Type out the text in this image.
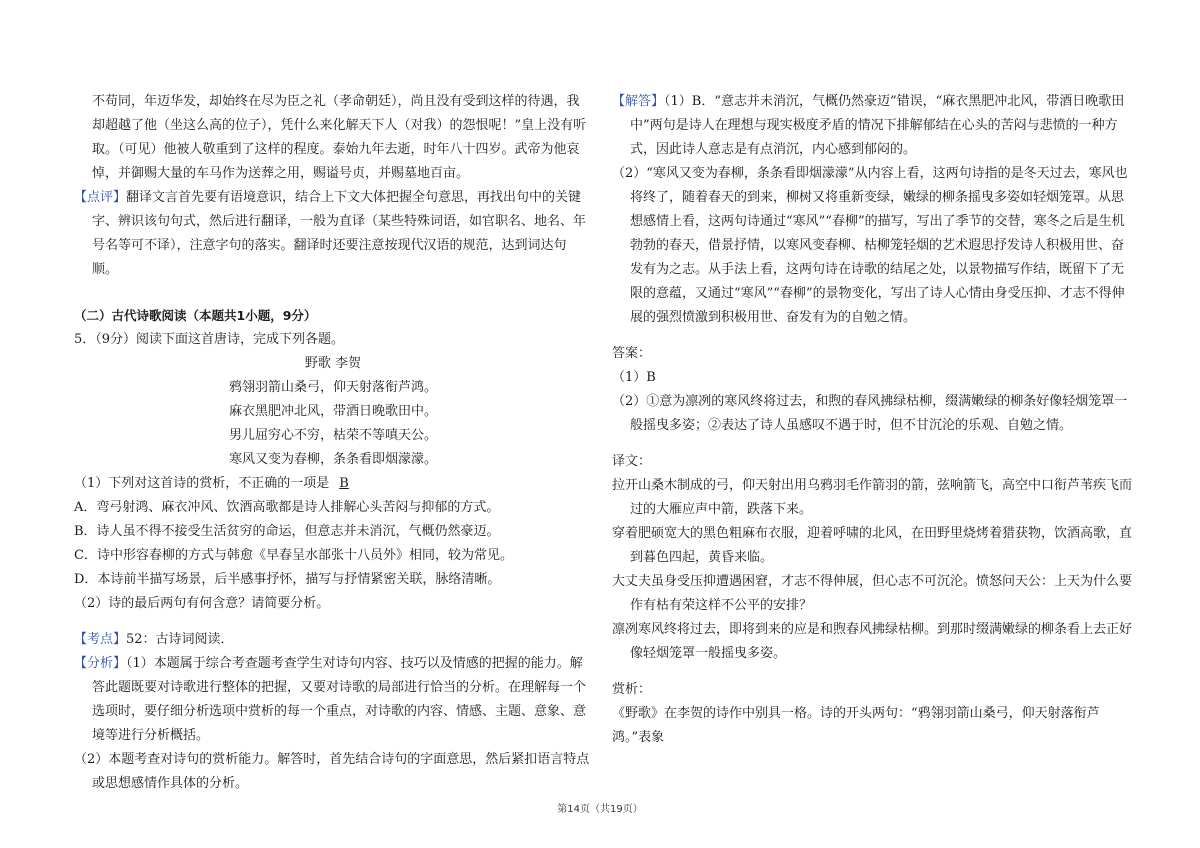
不苟同，年迈华发，却始终在尽为臣之礼（孝命朝廷），尚且没有受到这样的待遇，我却超越了他（坐这么高的位子），凭什么来化解天下人（对我）的怨恨呢！”皇上没有听取。（可见）他被人敬重到了这样的程度。泰始九年去逝，时年八十四岁。武帝为他哀悼，并御赐大量的车马作为送葬之用，赐谥号贞，并赐墓地百亩。

【点评】翻译文言首先要有语境意识，结合上下文大体把握全句意思，再找出句中的关键字、辨识该句句式，然后进行翻译，一般为直译（某些特殊词语，如官职名、地名、年号名等可不译），注意字句的落实。翻译时还要注意按现代汉语的规范，达到词达句顺。

（二）古代诗歌阅读（本题共1小题，9分）

5．（9分）阅读下面这首唐诗，完成下列各题。

野歌 李贺

鸦翎羽箭山桑弓，仰天射落衔芦鸿。

麻衣黑肥冲北风，带酒日晚歌田中。

男儿屈穷心不穷，枯荣不等嗔天公。

寒风又变为春柳，条条看即烟濛濛。

（1）下列对这首诗的赏析，不正确的一项是 B

A．弯弓射鸿、麻衣冲风、饮酒高歌都是诗人排解心头苦闷与抑郁的方式。

B．诗人虽不得不接受生活贫穷的命运，但意志并未消沉，气概仍然豪迈。

C．诗中形容春柳的方式与韩愈《早春呈水部张十八员外》相同，较为常见。

D．本诗前半描写场景，后半感事抒怀，描写与抒情紧密关联，脉络清晰。

（2）诗的最后两句有何含意？请简要分析。

【考点】52：古诗词阅读．

【分析】（1）本题属于综合考查题考查学生对诗句内容、技巧以及情感的把握的能力。解答此题既要对诗歌进行整体的把握，又要对诗歌的局部进行恰当的分析。在理解每一个选项时，要仔细分析选项中赏析的每一个重点，对诗歌的内容、情感、主题、意象、意境等进行分析概括。

（2）本题考查对诗句的赏析能力。解答时，首先结合诗句的字面意思，然后紧扣语言特点或思想感情作具体的分析。

【解答】（1）B．“意志并未消沉，气概仍然豪迈”错误，“麻衣黑肥冲北风，带酒日晚歌田中”两句是诗人在理想与现实极度矛盾的情况下排解郁结在心头的苦闷与悲愤的一种方式，因此诗人意志是有点消沉，内心感到郁闷的。

（2）“寒风又变为春柳，条条看即烟濛濛”从内容上看，这两句诗指的是冬天过去，寒风也将终了，随着春天的到来，柳树又将重新变绿，嫩绿的柳条摇曳多姿如轻烟笼罩。从思想感情上看，这两句诗通过“寒风”“春柳”的描写，写出了季节的交替，寒冬之后是生机勃勃的春天，借景抒情，以寒风变春柳、枯柳笼轻烟的艺术遐思抒发诗人积极用世、奋发有为之志。从手法上看，这两句诗在诗歌的结尾之处，以景物描写作结，既留下了无限的意蕴，又通过“寒风”“春柳”的景物变化，写出了诗人心情由身受压抑、才志不得伸展的强烈愤激到积极用世、奋发有为的自勉之情。

答案：

（1）B

（2）①意为凛冽的寒风终将过去，和煦的春风拂绿枯柳，缀满嫩绿的柳条好像轻烟笼罩一般摇曳多姿；②表达了诗人虽感叹不遇于时，但不甘沉沦的乐观、自勉之情。

译文：

拉开山桑木制成的弓，仰天射出用乌鸦羽毛作箭羽的箭，弦响箭飞，高空中口衔芦苇疾飞而过的大雁应声中箭，跌落下来。

穿着肥硕宽大的黑色粗麻布衣服，迎着呼啸的北风，在田野里烧烤着猎获物，饮酒高歌，直到暮色四起，黄昏来临。

大丈夫虽身受压抑遭遇困窘，才志不得伸展，但心志不可沉沦。愤怒问天公：上天为什么要作有枯有荣这样不公平的安排？

凛冽寒风终将过去，即将到来的应是和煦春风拂绿枯柳。到那时缀满嫩绿的柳条看上去正好像轻烟笼罩一般摇曳多姿。

赏析：

《野歌》在李贺的诗作中别具一格。诗的开头两句：“鸦翎羽箭山桑弓，仰天射落衔芦鸿。”表象

第14页（共19页）
